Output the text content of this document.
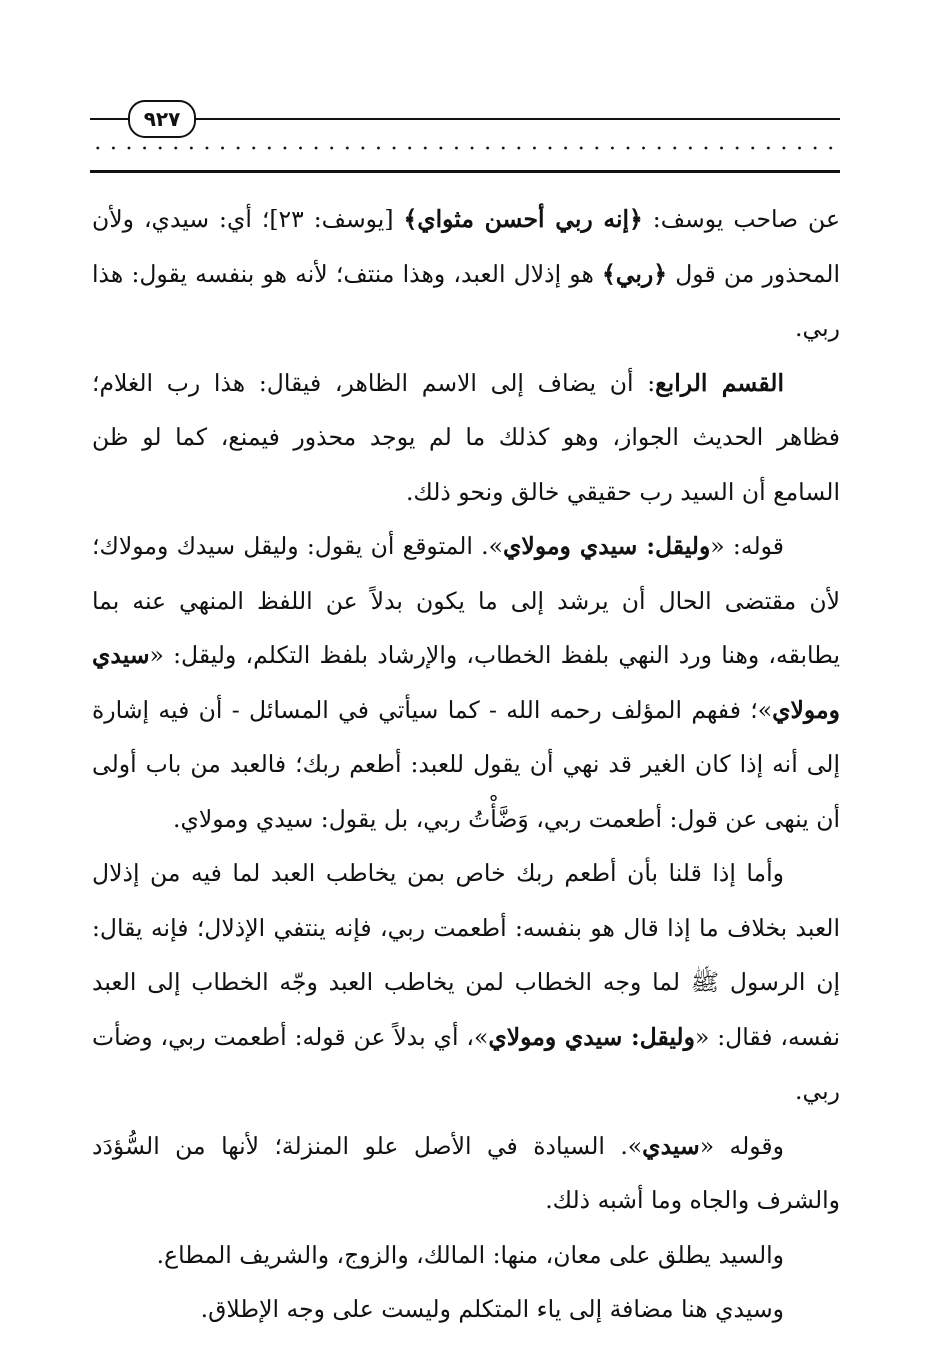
٩٢٧

عن صاحب يوسف: ﴿إنه ربي أحسن مثواي﴾ [يوسف: ٢٣]؛ أي: سيدي، ولأن المحذور من قول ﴿ربي﴾ هو إذلال العبد، وهذا منتف؛ لأنه هو بنفسه يقول: هذا ربي.

القسم الرابع: أن يضاف إلى الاسم الظاهر، فيقال: هذا رب الغلام؛ فظاهر الحديث الجواز، وهو كذلك ما لم يوجد محذور فيمنع، كما لو ظن السامع أن السيد رب حقيقي خالق ونحو ذلك.

قوله: «وليقل: سيدي ومولاي». المتوقع أن يقول: وليقل سيدك ومولاك؛ لأن مقتضى الحال أن يرشد إلى ما يكون بدلاً عن اللفظ المنهي عنه بما يطابقه، وهنا ورد النهي بلفظ الخطاب، والإرشاد بلفظ التكلم، وليقل: «سيدي ومولاي»؛ ففهم المؤلف رحمه الله - كما سيأتي في المسائل - أن فيه إشارة إلى أنه إذا كان الغير قد نهي أن يقول للعبد: أطعم ربك؛ فالعبد من باب أولى أن ينهى عن قول: أطعمت ربي، وَضَّأْتُ ربي، بل يقول: سيدي ومولاي.

وأما إذا قلنا بأن أطعم ربك خاص بمن يخاطب العبد لما فيه من إذلال العبد بخلاف ما إذا قال هو بنفسه: أطعمت ربي، فإنه ينتفي الإذلال؛ فإنه يقال: إن الرسول ﷺ لما وجه الخطاب لمن يخاطب العبد وجّه الخطاب إلى العبد نفسه، فقال: «وليقل: سيدي ومولاي»، أي بدلاً عن قوله: أطعمت ربي، وضأت ربي.

وقوله «سيدي». السيادة في الأصل علو المنزلة؛ لأنها من السُّؤدَد والشرف والجاه وما أشبه ذلك.

والسيد يطلق على معان، منها: المالك، والزوج، والشريف المطاع.

وسيدي هنا مضافة إلى ياء المتكلم وليست على وجه الإطلاق.
